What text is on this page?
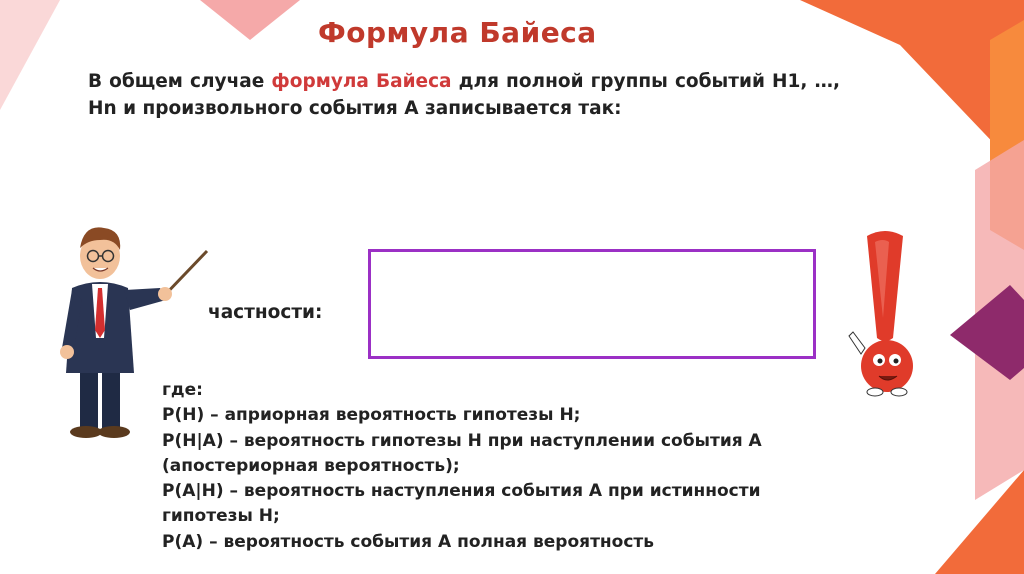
Формула Байеса
В общем случае формула Байеса для полной группы событий H1, …, Hn и произвольного события A записывается так:
частности:
где:
P(H) – априорная вероятность гипотезы Н;
P(H|A) – вероятность гипотезы H при наступлении события A
(апостериорная вероятность);
P(A|H) – вероятность наступления события A при истинности
гипотезы H;
P(A) – вероятность события А полная вероятность
